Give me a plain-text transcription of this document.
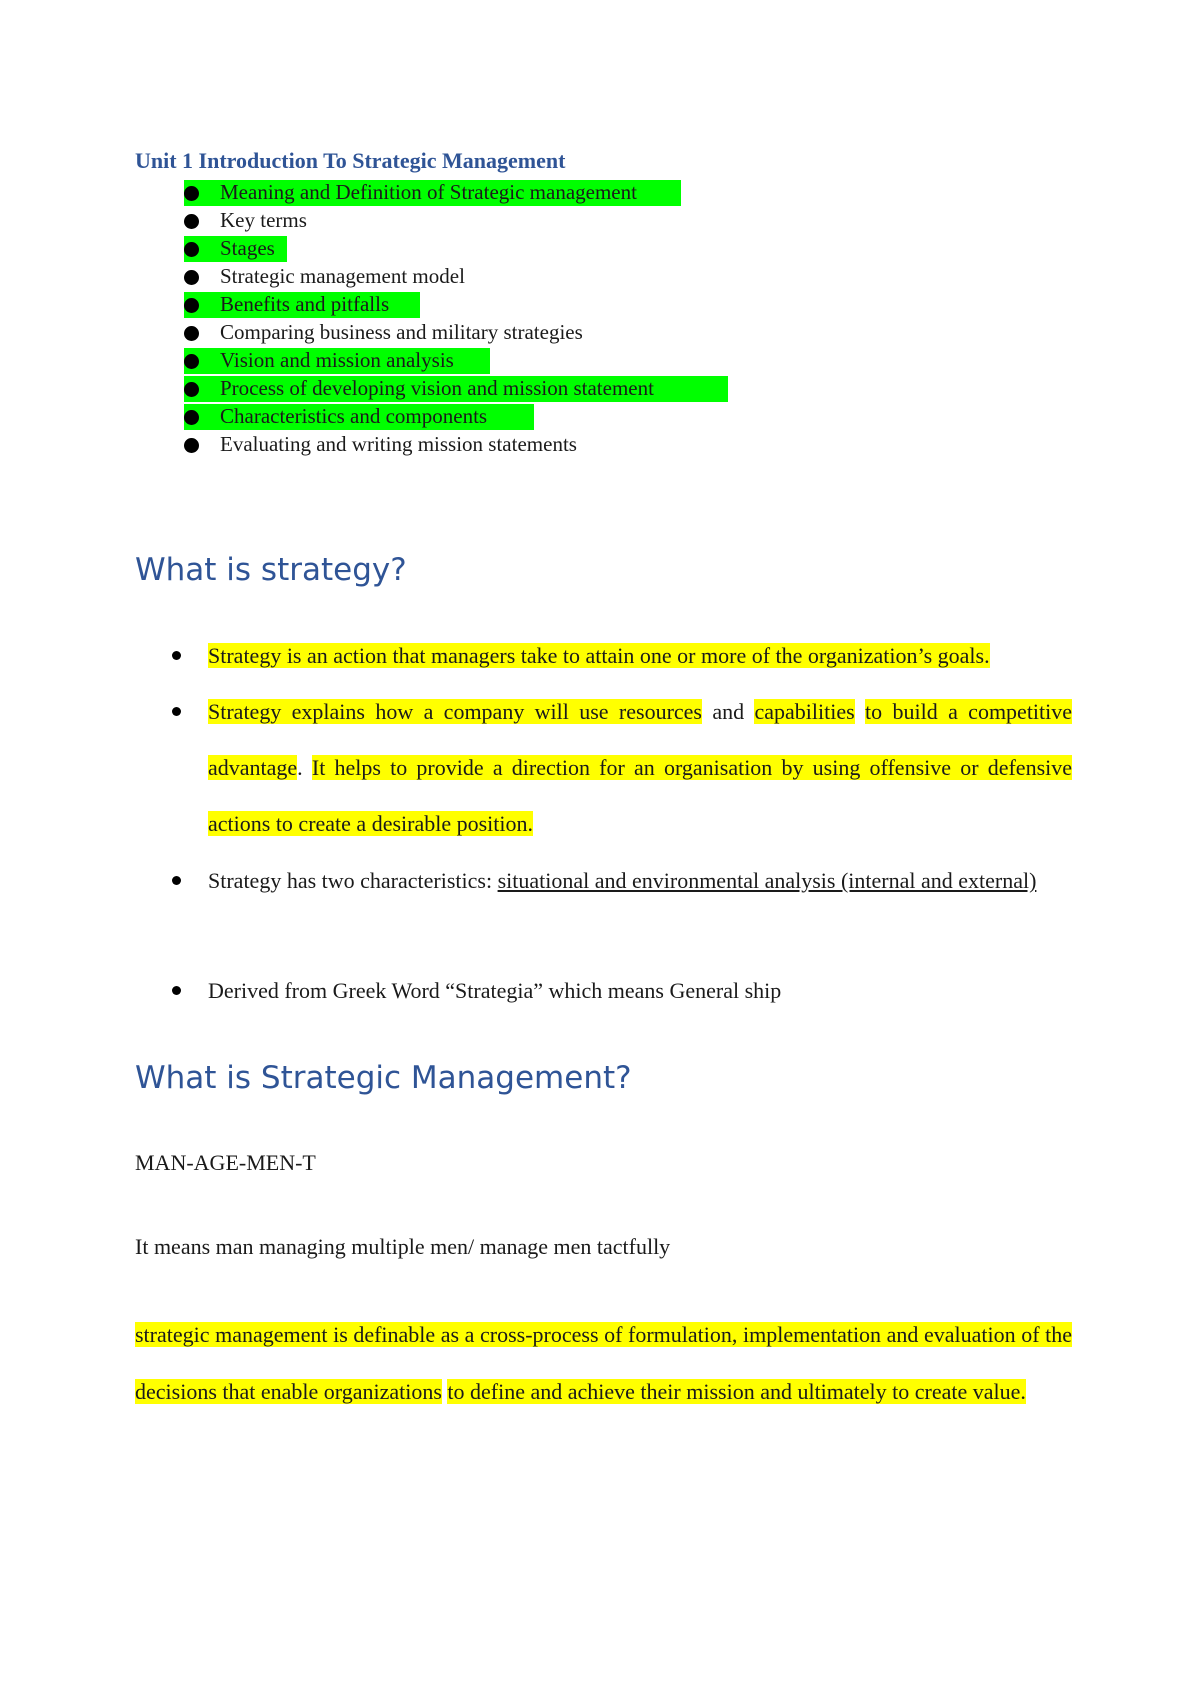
Unit 1 Introduction To Strategic Management
Meaning and Definition of Strategic management
Key terms
Stages
Strategic management model
Benefits and pitfalls
Comparing business and military strategies
Vision and mission analysis
Process of developing vision and mission statement
Characteristics and components
Evaluating and writing mission statements
What is strategy?

Strategy is an action that managers take to attain one or more of the organization’s goals.

Strategy explains how a company will use resources and capabilities to build a competitive advantage. It helps to provide a direction for an organisation by using offensive or defensive actions to create a desirable position.

Strategy has two characteristics: situational and environmental analysis (internal and external)

Derived from Greek Word “Strategia” which means General ship

What is Strategic Management?

MAN-AGE-MEN-T

It means man managing multiple men/ manage men tactfully

strategic management is definable as a cross-process of formulation, implementation and evaluation of the decisions that enable organizations to define and achieve their mission and ultimately to create value.
